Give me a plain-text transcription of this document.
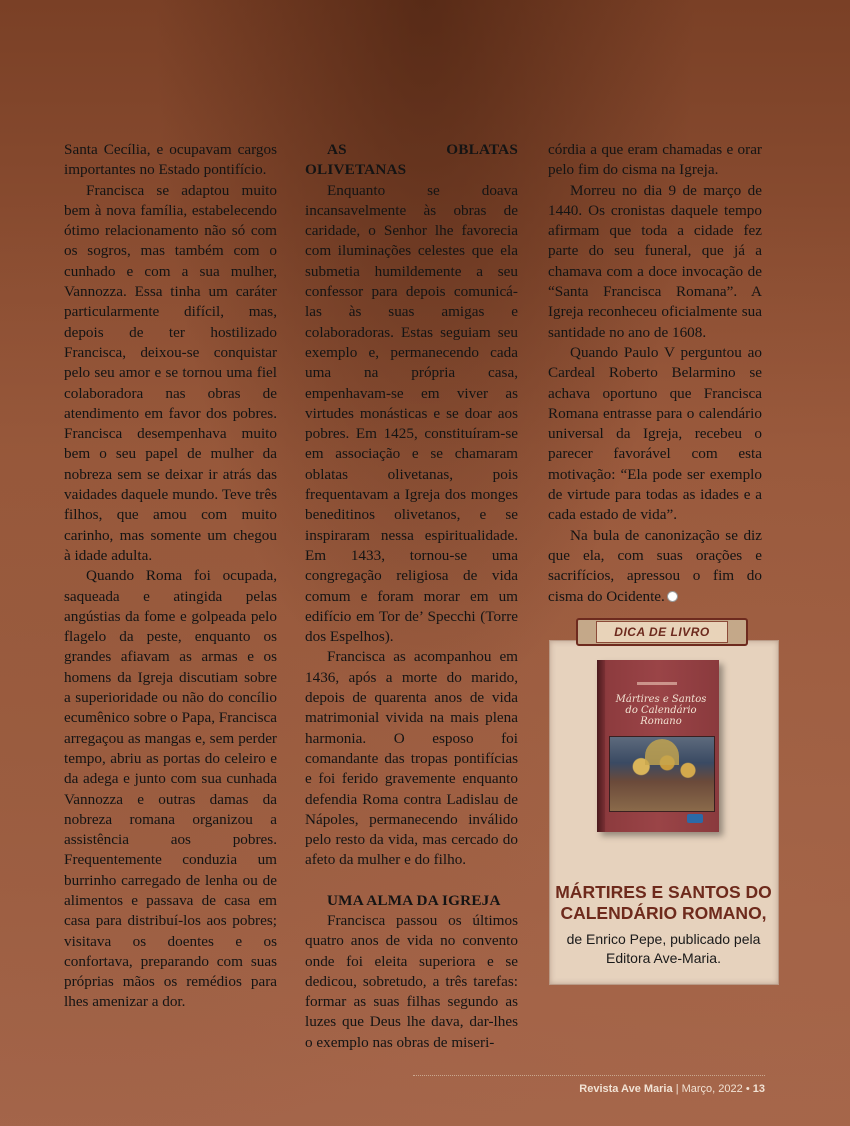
Santa Cecília, e ocupavam cargos importantes no Estado pontifício.

Francisca se adaptou muito bem à nova família, estabelecendo ótimo relacionamento não só com os sogros, mas também com o cunhado e com a sua mulher, Vannozza. Essa tinha um caráter particularmente difícil, mas, depois de ter hostilizado Francisca, deixou-se conquistar pelo seu amor e se tornou uma fiel colaboradora nas obras de atendimento em favor dos pobres. Francisca desempenhava muito bem o seu papel de mulher da nobreza sem se deixar ir atrás das vaidades daquele mundo. Teve três filhos, que amou com muito carinho, mas somente um chegou à idade adulta.

Quando Roma foi ocupada, saqueada e atingida pelas angústias da fome e golpeada pelo flagelo da peste, enquanto os grandes afiavam as armas e os homens da Igreja discutiam sobre a superioridade ou não do concílio ecumênico sobre o Papa, Francisca arregaçou as mangas e, sem perder tempo, abriu as portas do celeiro e da adega e junto com sua cunhada Vannozza e outras damas da nobreza romana organizou a assistência aos pobres. Frequentemente conduzia um burrinho carregado de lenha ou de alimentos e passava de casa em casa para distribuí-los aos pobres; visitava os doentes e os confortava, preparando com suas próprias mãos os remédios para lhes amenizar a dor.

AS OBLATAS OLIVETANAS

Enquanto se doava incansavelmente às obras de caridade, o Senhor lhe favorecia com iluminações celestes que ela submetia humildemente a seu confessor para depois comunicá-las às suas amigas e colaboradoras. Estas seguiam seu exemplo e, permanecendo cada uma na própria casa, empenhavam-se em viver as virtudes monásticas e se doar aos pobres. Em 1425, constituíram-se em associação e se chamaram oblatas olivetanas, pois frequentavam a Igreja dos monges beneditinos olivetanos, e se inspiraram nessa espiritualidade. Em 1433, tornou-se uma congregação religiosa de vida comum e foram morar em um edifício em Tor de’ Specchi (Torre dos Espelhos).

Francisca as acompanhou em 1436, após a morte do marido, depois de quarenta anos de vida matrimonial vivida na mais plena harmonia. O esposo foi comandante das tropas pontifícias e foi ferido gravemente enquanto defendia Roma contra Ladislau de Nápoles, permanecendo inválido pelo resto da vida, mas cercado do afeto da mulher e do filho.

UMA ALMA DA IGREJA

Francisca passou os últimos quatro anos de vida no convento onde foi eleita superiora e se dedicou, sobretudo, a três tarefas: formar as suas filhas segundo as luzes que Deus lhe dava, dar-lhes o exemplo nas obras de miseri-

córdia a que eram chamadas e orar pelo fim do cisma na Igreja.

Morreu no dia 9 de março de 1440. Os cronistas daquele tempo afirmam que toda a cidade fez parte do seu funeral, que já a chamava com a doce invocação de “Santa Francisca Romana”. A Igreja reconheceu oficialmente sua santidade no ano de 1608.

Quando Paulo V perguntou ao Cardeal Roberto Belarmino se achava oportuno que Francisca Romana entrasse para o calendário universal da Igreja, recebeu o parecer favorável com esta motivação: “Ela pode ser exemplo de virtude para todas as idades e a cada estado de vida”.

Na bula de canonização se diz que ela, com suas orações e sacrifícios, apressou o fim do cisma do Ocidente.

DICA DE LIVRO
Mártires e Santos do Calendário Romano
MÁRTIRES E SANTOS DO CALENDÁRIO ROMANO,
de Enrico Pepe, publicado pela Editora Ave-Maria.
Revista Ave Maria | Março, 2022 • 13
